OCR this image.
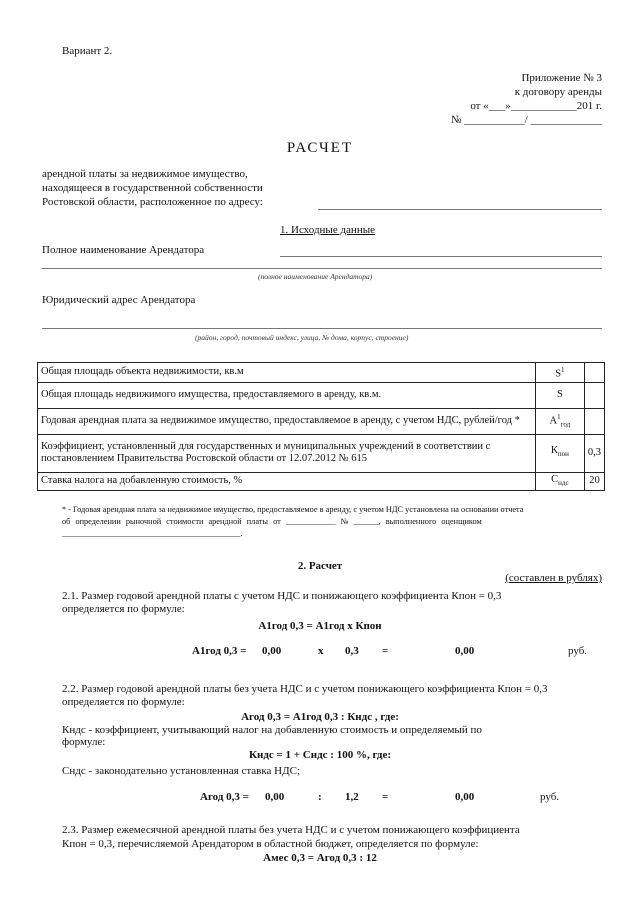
Вариант 2.
Приложение № 3
к договору аренды
от «___»____________201 г.
№ ___________/ _____________
РАСЧЕТ
арендной платы за недвижимое имущество,
находящееся в государственной собственности
Ростовской области, расположенное по адресу:
1. Исходные данные
Полное наименование Арендатора
(полное наименование Арендатора)
Юридический адрес Арендатора
(район, город, почтовый индекс, улица, № дома, корпус, строение)
Общая площадь объекта недвижимости, кв.м	$S^1$	
Общая площадь недвижимого имущества, предоставляемого в аренду, кв.м.	S	
Годовая арендная плата за недвижимое имущество, предоставляемое в аренду, с учетом НДС, рублей/год *	$А^1_{год}$	
Коэффициент, установленный для государственных и муниципальных учреждений в соответствии с постановлением Правительства Ростовской области от 12.07.2012 № 615	$К_{пон}$	0,3
Ставка налога на добавленную стоимость, %	$С_{ндс}$	20
* - Годовая арендная плата за недвижимое имущество, предоставляемое в аренду, с учетом НДС установлена на основании отчета
об определении рыночной стоимости арендной платы от ____________ № ______, выполненного оценщиком
___________________________________________.
2. Расчет
(составлен в рублях)
2.1. Размер годовой арендной платы с учетом НДС и понижающего коэффициента Кпон = 0,3
определяется по формуле:
А1год 0,3 = А1год х Кпон
А1год 0,3 = 0,00	х 0,3 =	0,00	руб.
2.2. Размер годовой арендной платы без учета НДС и с учетом понижающего коэффициента Кпон = 0,3
определяется по формуле:
Агод 0,3 = А1год 0,3 : Кндс , где:
Кндс - коэффициент, учитывающий налог на добавленную стоимость и определяемый по
формуле:
Кндс = 1 + Cндс : 100 %, где:
Cндс - законодательно установленная ставка НДС;
Агод 0,3 = 0,00	: 1,2 =	0,00	руб.
2.3. Размер ежемесячной арендной платы без учета НДС и с учетом понижающего коэффициента
Кпон = 0,3, перечисляемой Арендатором в областной бюджет, определяется по формуле:
Амес 0,3 = Агод 0,3 : 12
